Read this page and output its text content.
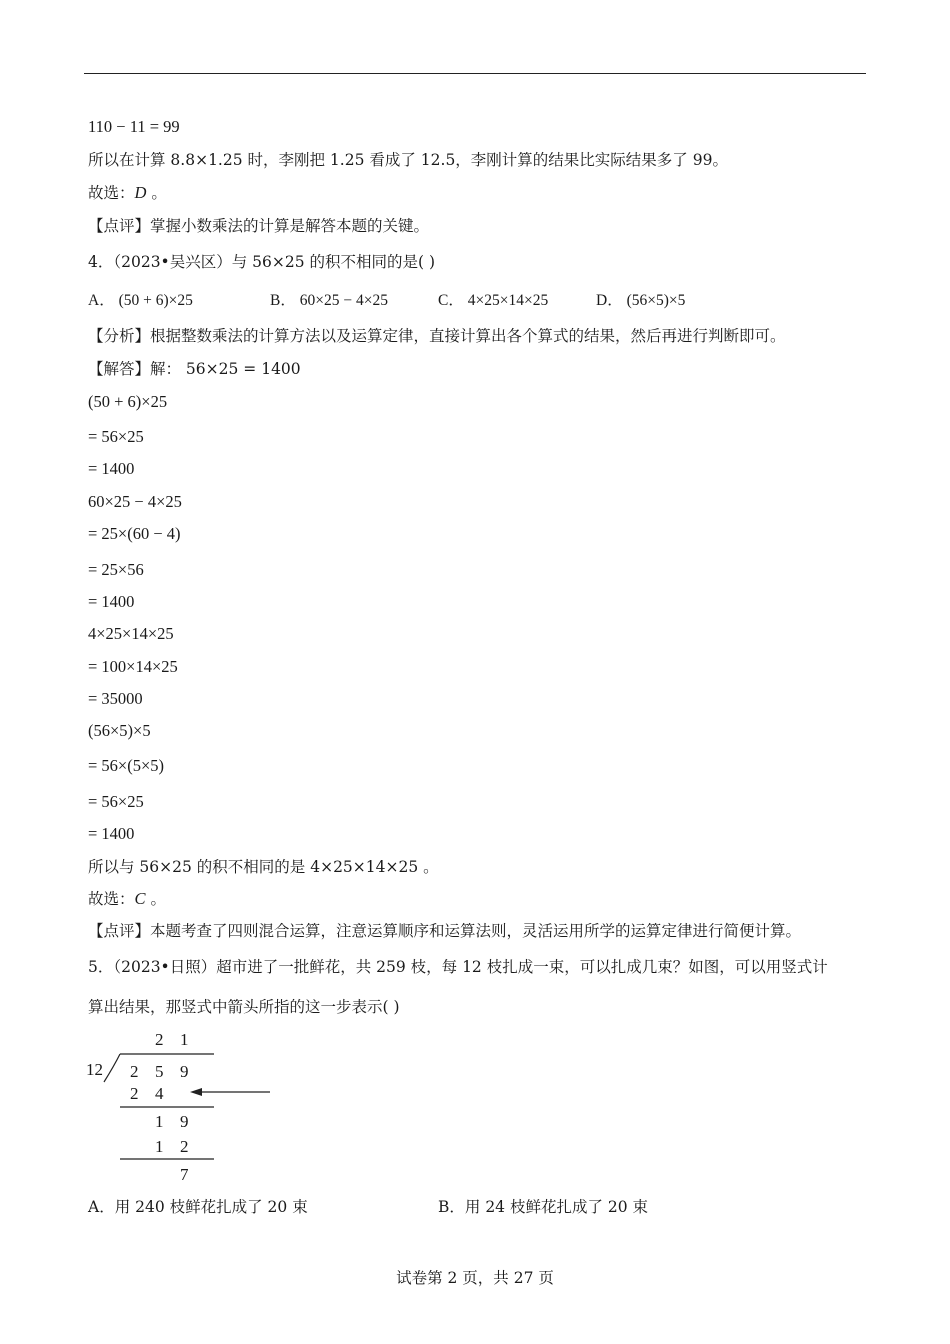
110 − 11 = 99
所以在计算 8.8×1.25 时，李刚把 1.25 看成了 12.5，李刚计算的结果比实际结果多了 99。
故选：D 。
【点评】掌握小数乘法的计算是解答本题的关键。
4．（2023•吴兴区）与 56×25 的积不相同的是( )
A． (50 + 6)×25	B． 60×25 − 4×25	C． 4×25×14×25	D． (56×5)×5
【分析】根据整数乘法的计算方法以及运算定律，直接计算出各个算式的结果，然后再进行判断即可。
【解答】解： 56×25 = 1400
(50 + 6)×25
= 56×25
= 1400
60×25 − 4×25
= 25×(60 − 4)
= 25×56
= 1400
4×25×14×25
= 100×14×25
= 35000
(56×5)×5
= 56×(5×5)
= 56×25
= 1400
所以与 56×25 的积不相同的是 4×25×14×25 。
故选：C 。
【点评】本题考查了四则混合运算，注意运算顺序和运算法则，灵活运用所学的运算定律进行简便计算。
5．（2023•日照）超市进了一批鲜花，共 259 枝，每 12 枝扎成一束，可以扎成几束？如图，可以用竖式计
算出结果，那竖式中箭头所指的这一步表示( )
2 1
12 2 5 9
2 4
1 9
1 2
7
A．用 240 枝鲜花扎成了 20 束	B．用 24 枝鲜花扎成了 20 束
试卷第 2 页，共 27 页
